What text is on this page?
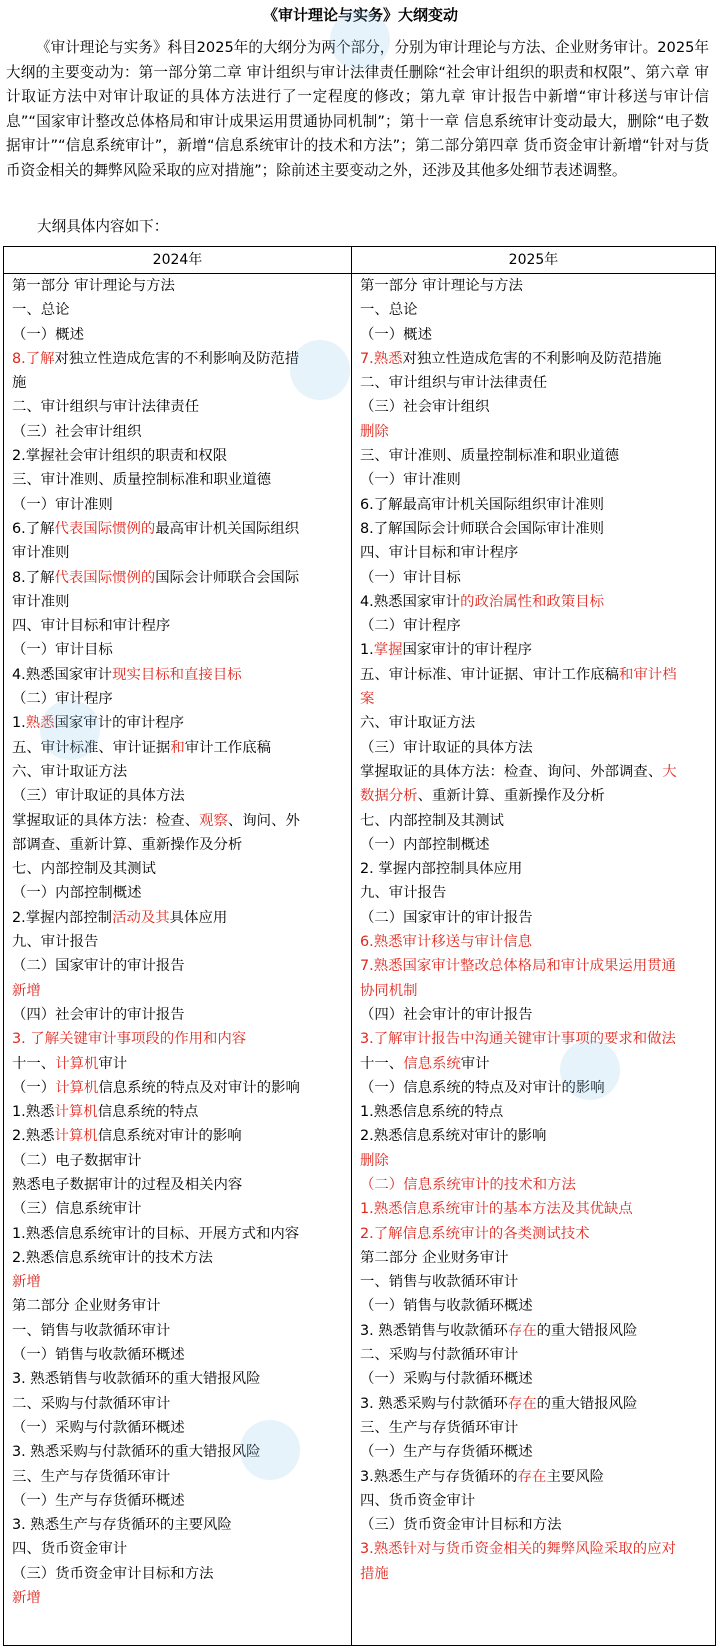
《审计理论与实务》大纲变动
《审计理论与实务》科目2025年的大纲分为两个部分，分别为审计理论与方法、企业财务审计。2025年大纲的主要变动为：第一部分第二章 审计组织与审计法律责任删除“社会审计组织的职责和权限”、第六章 审计取证方法中对审计取证的具体方法进行了一定程度的修改；第九章 审计报告中新增“审计移送与审计信息”“国家审计整改总体格局和审计成果运用贯通协同机制”；第十一章 信息系统审计变动最大，删除“电子数据审计”“信息系统审计”，新增“信息系统审计的技术和方法”；第二部分第四章 货币资金审计新增“针对与货币资金相关的舞弊风险采取的应对措施”；除前述主要变动之外，还涉及其他多处细节表述调整。
大纲具体内容如下：
2024年	2025年
第一部分 审计理论与方法
一、总论
（一）概述
8.了解对独立性造成危害的不利影响及防范措
施
二、审计组织与审计法律责任
（三）社会审计组织
2.掌握社会审计组织的职责和权限
三、审计准则、质量控制标准和职业道德
（一）审计准则
6.了解代表国际惯例的最高审计机关国际组织
审计准则
8.了解代表国际惯例的国际会计师联合会国际
审计准则
四、审计目标和审计程序
（一）审计目标
4.熟悉国家审计现实目标和直接目标
（二）审计程序
1.熟悉国家审计的审计程序
五、审计标准、审计证据和审计工作底稿
六、审计取证方法
（三）审计取证的具体方法
掌握取证的具体方法：检查、观察、询问、外
部调查、重新计算、重新操作及分析
七、内部控制及其测试
（一）内部控制概述
2.掌握内部控制活动及其具体应用
九、审计报告
（二）国家审计的审计报告
新增
（四）社会审计的审计报告
3. 了解关键审计事项段的作用和内容
十一、计算机审计
（一）计算机信息系统的特点及对审计的影响
1.熟悉计算机信息系统的特点
2.熟悉计算机信息系统对审计的影响
（二）电子数据审计
熟悉电子数据审计的过程及相关内容
（三）信息系统审计
1.熟悉信息系统审计的目标、开展方式和内容
2.熟悉信息系统审计的技术方法
新增
第二部分 企业财务审计
一、销售与收款循环审计
（一）销售与收款循环概述
3. 熟悉销售与收款循环的重大错报风险
二、采购与付款循环审计
（一）采购与付款循环概述
3. 熟悉采购与付款循环的重大错报风险
三、生产与存货循环审计
（一）生产与存货循环概述
3. 熟悉生产与存货循环的主要风险
四、货币资金审计
（三）货币资金审计目标和方法
新增
第一部分 审计理论与方法
一、总论
（一）概述
7.熟悉对独立性造成危害的不利影响及防范措施
二、审计组织与审计法律责任
（三）社会审计组织
删除
三、审计准则、质量控制标准和职业道德
（一）审计准则
6.了解最高审计机关国际组织审计准则
8.了解国际会计师联合会国际审计准则
四、审计目标和审计程序
（一）审计目标
4.熟悉国家审计的政治属性和政策目标
（二）审计程序
1.掌握国家审计的审计程序
五、审计标准、审计证据、审计工作底稿和审计档
案
六、审计取证方法
（三）审计取证的具体方法
掌握取证的具体方法：检查、询问、外部调查、大
数据分析、重新计算、重新操作及分析
七、内部控制及其测试
（一）内部控制概述
2. 掌握内部控制具体应用
九、审计报告
（二）国家审计的审计报告
6.熟悉审计移送与审计信息
7.熟悉国家审计整改总体格局和审计成果运用贯通
协同机制
（四）社会审计的审计报告
3.了解审计报告中沟通关键审计事项的要求和做法
十一、信息系统审计
（一）信息系统的特点及对审计的影响
1.熟悉信息系统的特点
2.熟悉信息系统对审计的影响
删除
（二）信息系统审计的技术和方法
1.熟悉信息系统审计的基本方法及其优缺点
2.了解信息系统审计的各类测试技术
第二部分 企业财务审计
一、销售与收款循环审计
（一）销售与收款循环概述
3. 熟悉销售与收款循环存在的重大错报风险
二、采购与付款循环审计
（一）采购与付款循环概述
3. 熟悉采购与付款循环存在的重大错报风险
三、生产与存货循环审计
（一）生产与存货循环概述
3.熟悉生产与存货循环的存在主要风险
四、货币资金审计
（三）货币资金审计目标和方法
3.熟悉针对与货币资金相关的舞弊风险采取的应对
措施
